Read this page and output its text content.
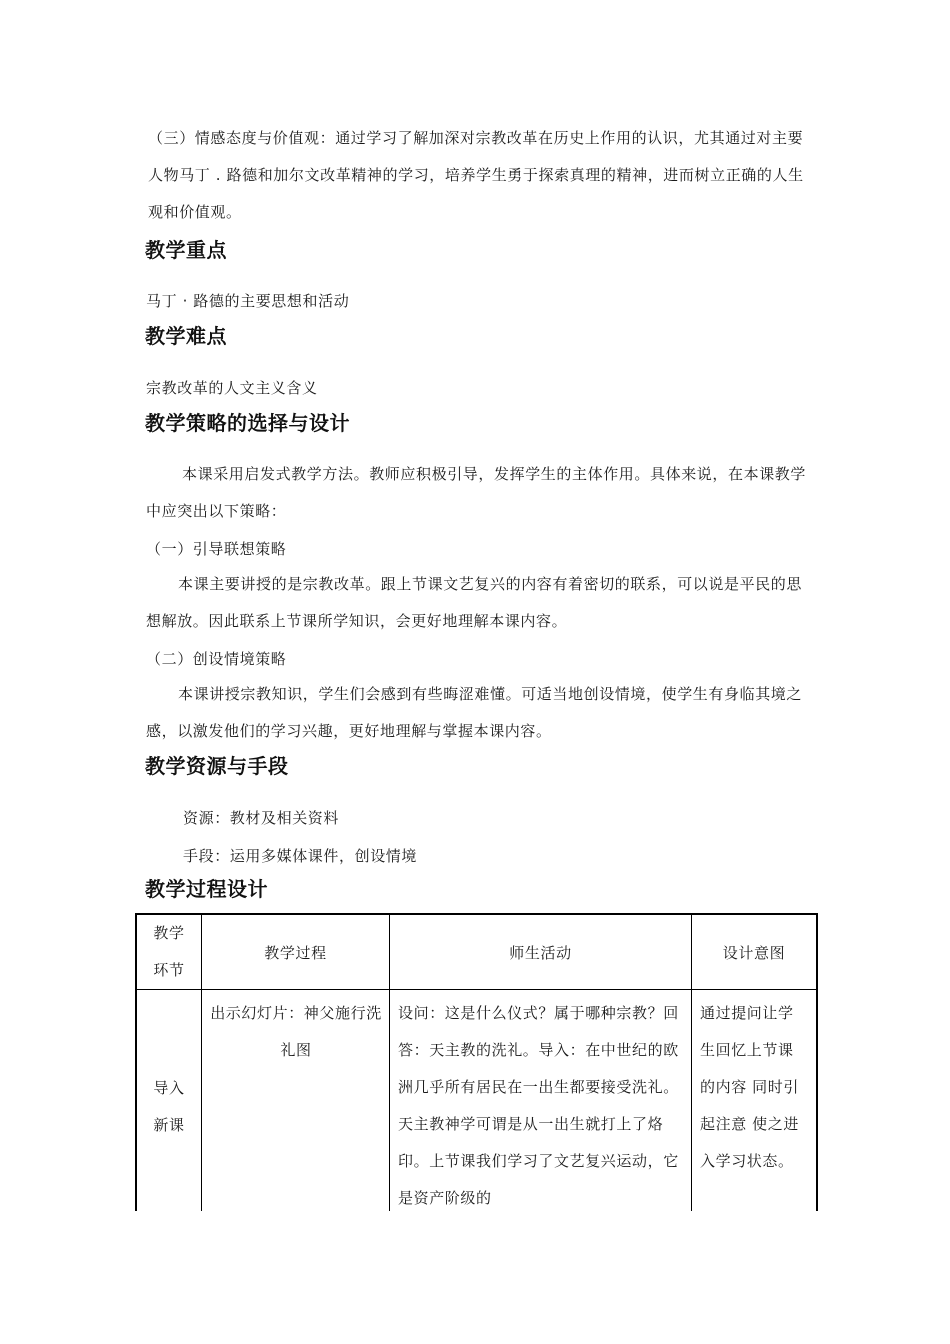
（三）情感态度与价值观：通过学习了解加深对宗教改革在历史上作用的认识，尤其通过对主要人物马丁 . 路德和加尔文改革精神的学习，培养学生勇于探索真理的精神，进而树立正确的人生观和价值观。
教学重点
马丁 · 路德的主要思想和活动
教学难点
宗教改革的人文主义含义
教学策略的选择与设计
本课采用启发式教学方法。教师应积极引导，发挥学生的主体作用。具体来说，在本课教学中应突出以下策略：
（一）引导联想策略
本课主要讲授的是宗教改革。跟上节课文艺复兴的内容有着密切的联系，可以说是平民的思想解放。因此联系上节课所学知识，会更好地理解本课内容。
（二）创设情境策略
本课讲授宗教知识，学生们会感到有些晦涩难懂。可适当地创设情境，使学生有身临其境之感，以激发他们的学习兴趣，更好地理解与掌握本课内容。
教学资源与手段
资源：教材及相关资料
手段：运用多媒体课件，创设情境
教学过程设计
教学环节
教学过程	师生活动	设计意图
导入新课
出示幻灯片：神父施行洗礼图
设问：这是什么仪式？属于哪种宗教？回答：天主教的洗礼。导入：在中世纪的欧洲几乎所有居民在一出生都要接受洗礼。天主教神学可谓是从一出生就打上了烙印。上节课我们学习了文艺复兴运动，它是资产阶级的
通过提问让学生回忆上节课的内容 同时引起注意 使之进入学习状态。
